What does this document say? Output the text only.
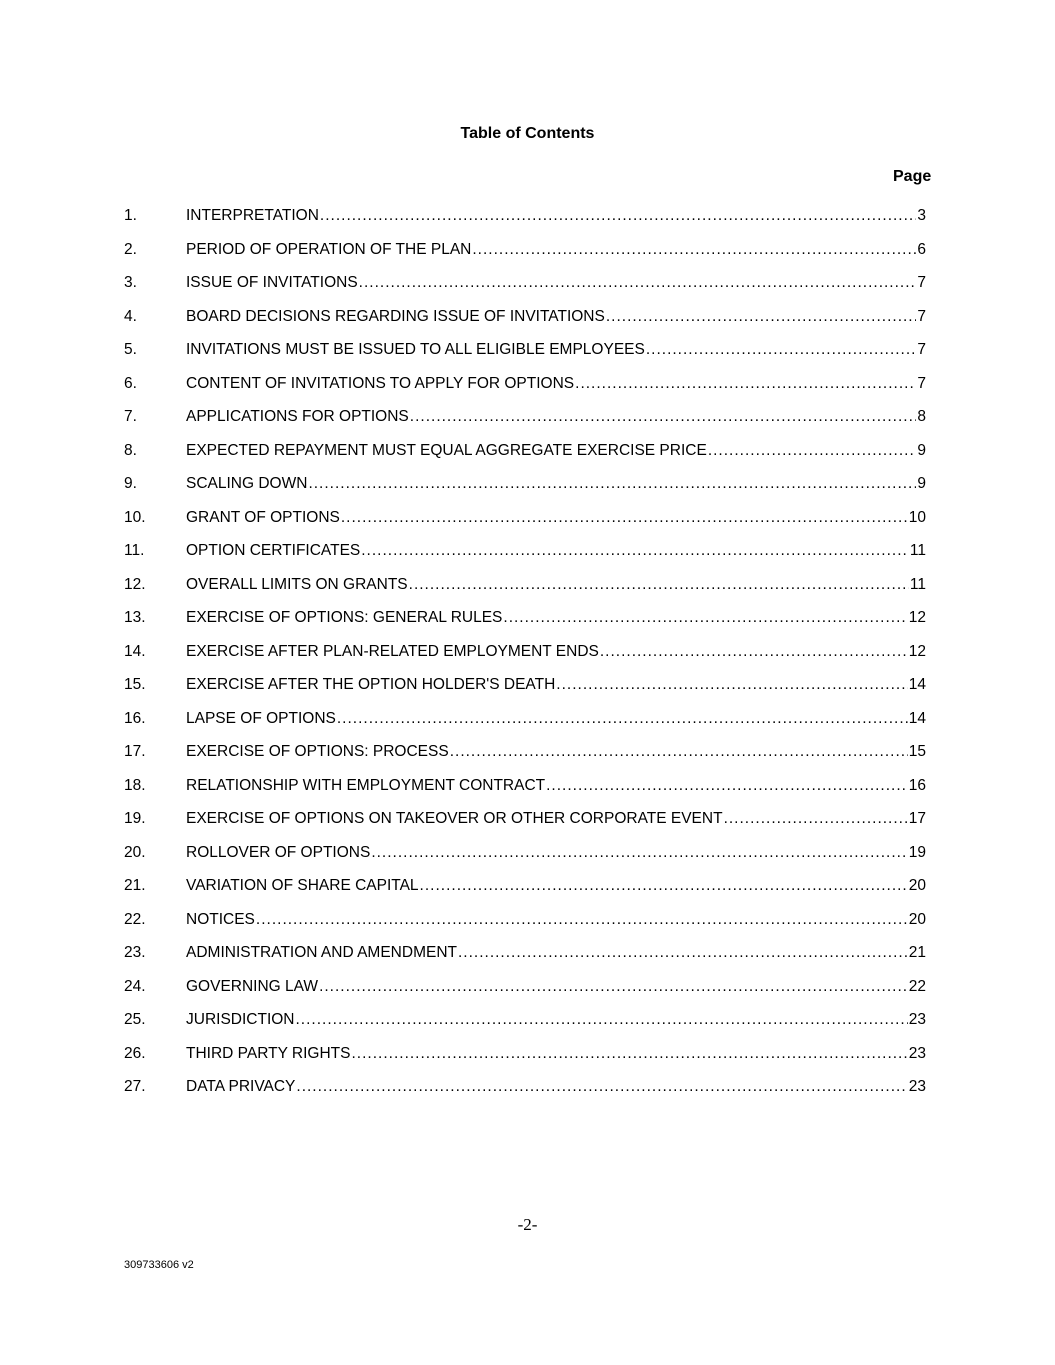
Table of Contents
Page
1.	INTERPRETATION .....	3
2.	PERIOD OF OPERATION OF THE PLAN .....	6
3.	ISSUE OF INVITATIONS .....	7
4.	BOARD DECISIONS REGARDING ISSUE OF INVITATIONS .....	7
5.	INVITATIONS MUST BE ISSUED TO ALL ELIGIBLE EMPLOYEES .....	7
6.	CONTENT OF INVITATIONS TO APPLY FOR OPTIONS .....	7
7.	APPLICATIONS FOR OPTIONS .....	8
8.	EXPECTED REPAYMENT MUST EQUAL AGGREGATE EXERCISE PRICE .....	9
9.	SCALING DOWN .....	9
10.	GRANT OF OPTIONS .....	10
11.	OPTION CERTIFICATES .....	11
12.	OVERALL LIMITS ON GRANTS .....	11
13.	EXERCISE OF OPTIONS: GENERAL RULES .....	12
14.	EXERCISE AFTER PLAN-RELATED EMPLOYMENT ENDS .....	12
15.	EXERCISE AFTER THE OPTION HOLDER'S DEATH .....	14
16.	LAPSE OF OPTIONS .....	14
17.	EXERCISE OF OPTIONS: PROCESS .....	15
18.	RELATIONSHIP WITH EMPLOYMENT CONTRACT .....	16
19.	EXERCISE OF OPTIONS ON TAKEOVER OR OTHER CORPORATE EVENT .....	17
20.	ROLLOVER OF OPTIONS .....	19
21.	VARIATION OF SHARE CAPITAL .....	20
22.	NOTICES .....	20
23.	ADMINISTRATION AND AMENDMENT .....	21
24.	GOVERNING LAW .....	22
25.	JURISDICTION .....	23
26.	THIRD PARTY RIGHTS .....	23
27.	DATA PRIVACY .....	23
-2-
309733606 v2
